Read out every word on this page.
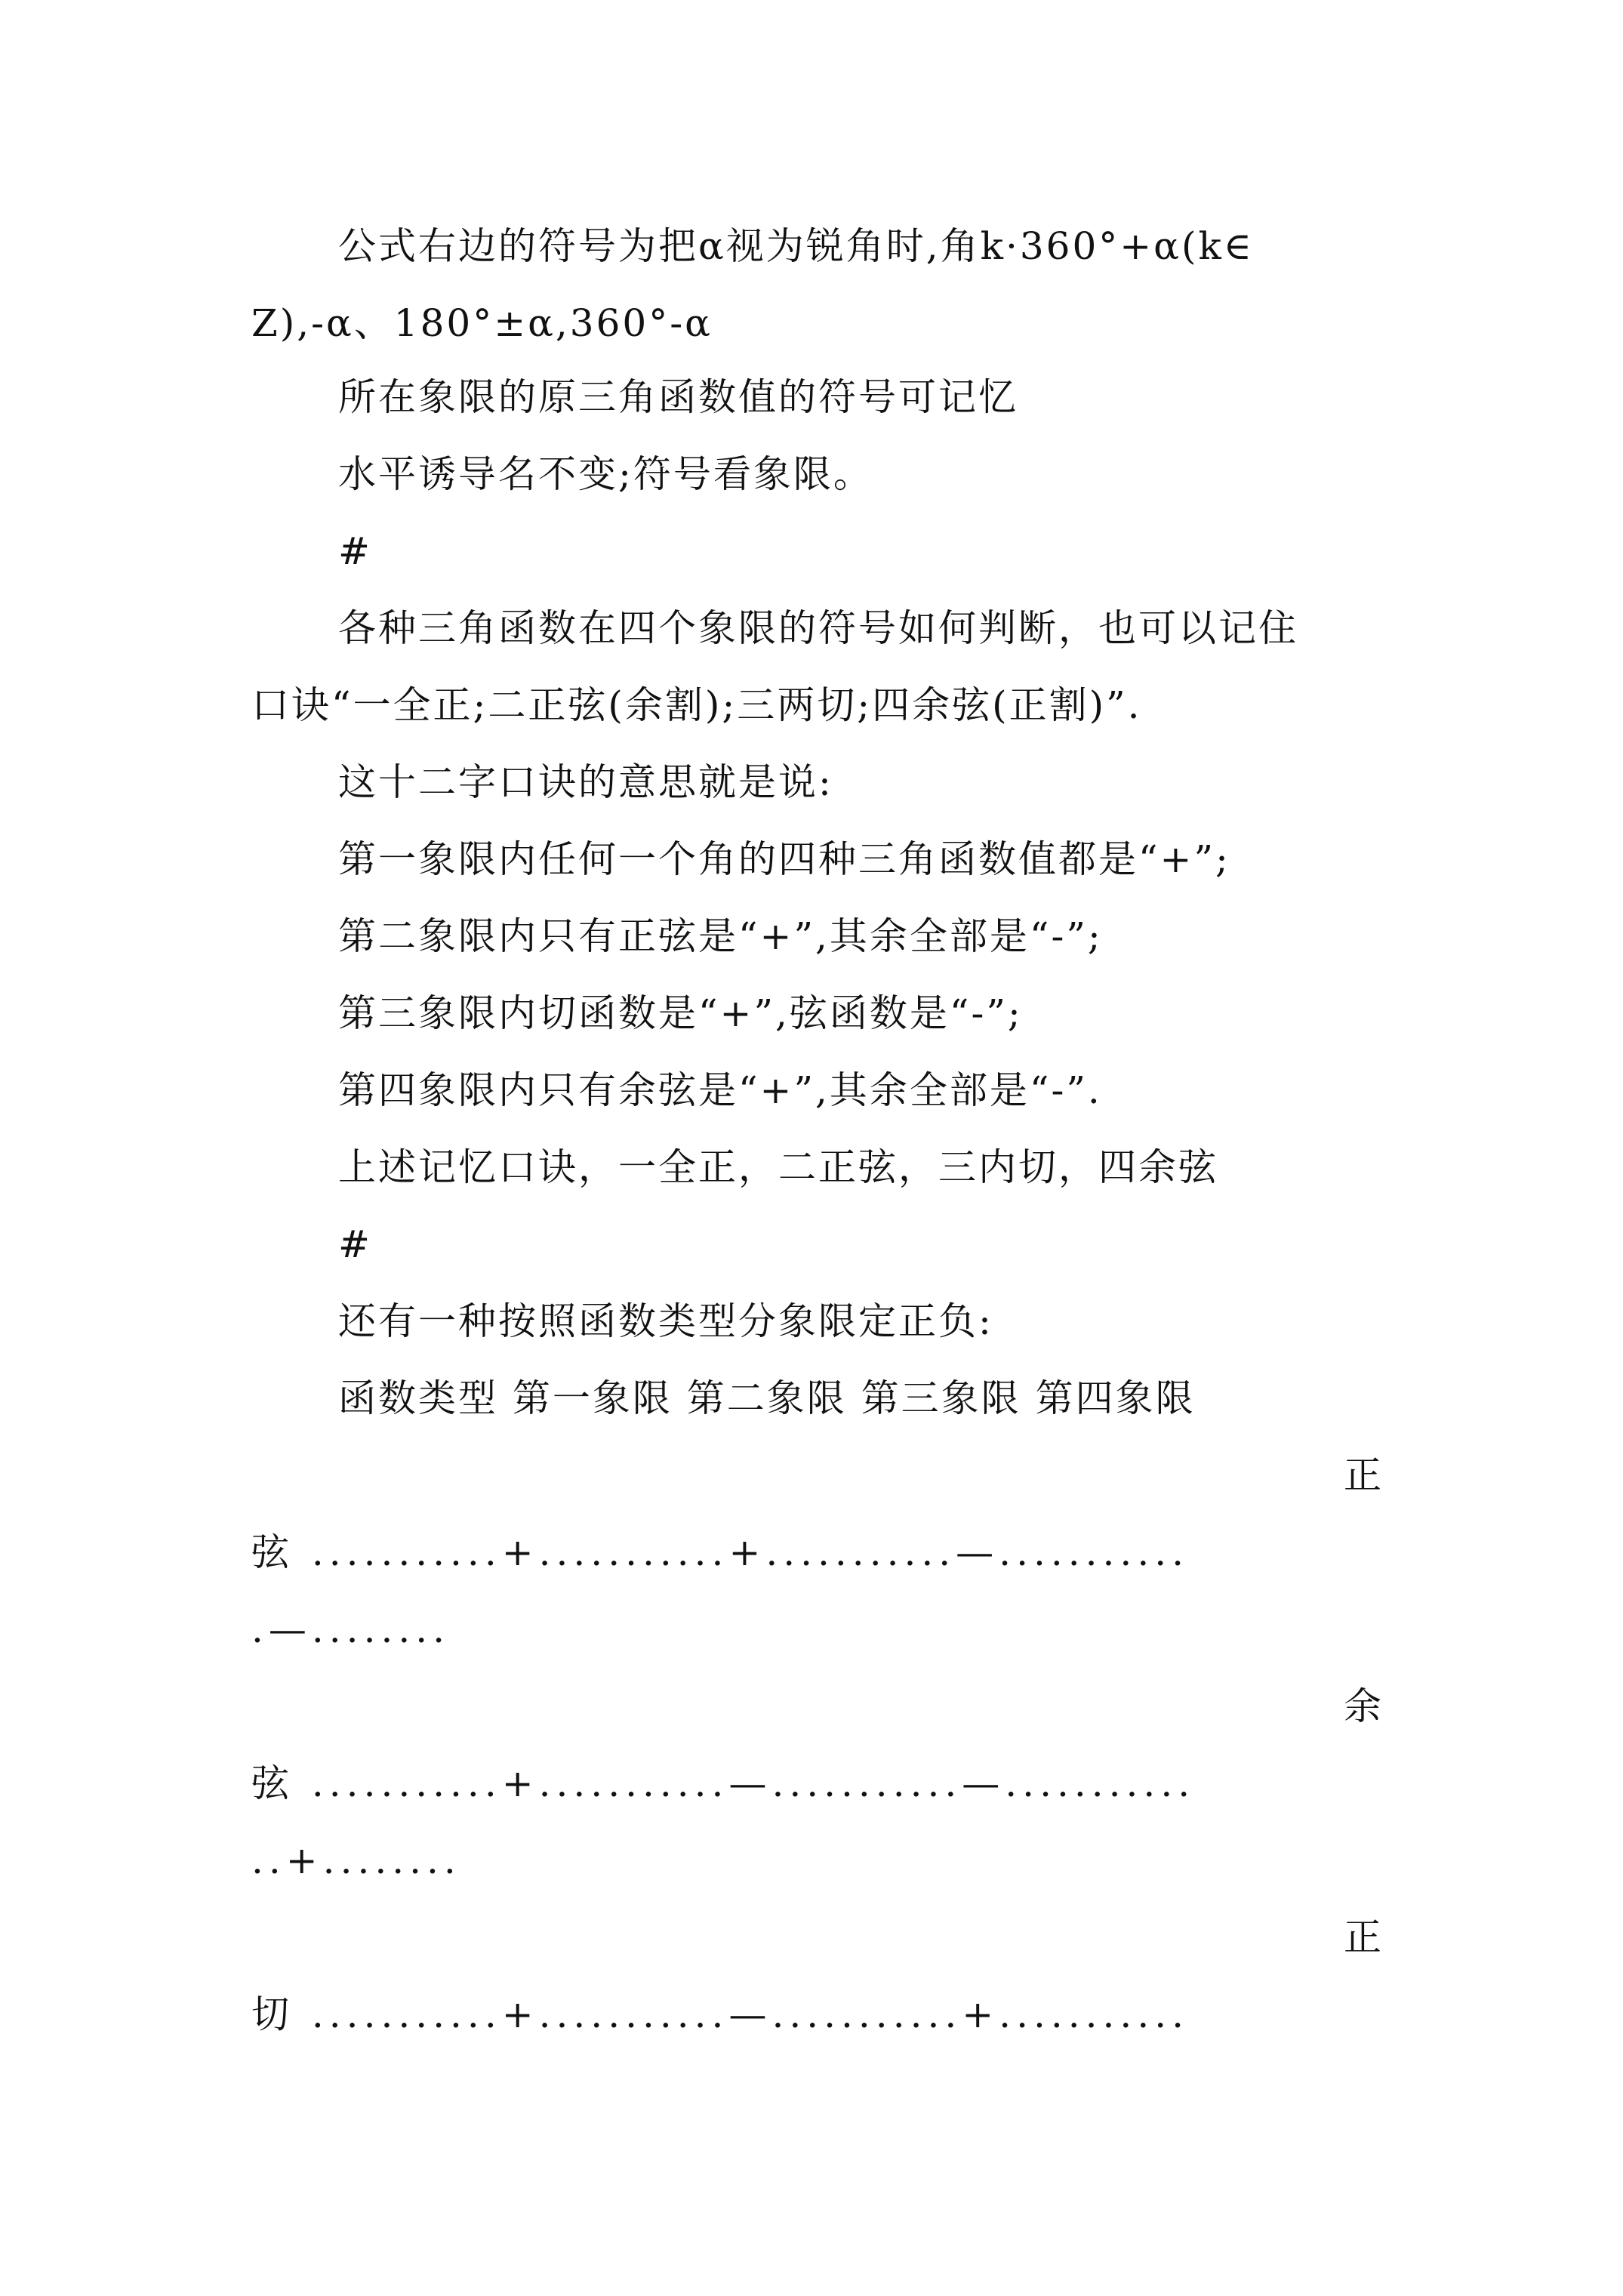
公式右边的符号为把α视为锐角时,角k·360°+α(k∈
Z),-α、180°±α,360°-α
所在象限的原三角函数值的符号可记忆
水平诱导名不变;符号看象限。
#
各种三角函数在四个象限的符号如何判断，也可以记住
口诀“一全正;二正弦(余割);三两切;四余弦(正割)”.
这十二字口诀的意思就是说:
第一象限内任何一个角的四种三角函数值都是“+”;
第二象限内只有正弦是“+”,其余全部是“-”;
第三象限内切函数是“+”,弦函数是“-”;
第四象限内只有余弦是“+”,其余全部是“-”.
上述记忆口诀，一全正，二正弦，三内切，四余弦
#
还有一种按照函数类型分象限定正负:
函数类型 第一象限 第二象限 第三象限 第四象限
正
弦 ...........+...........+...........—...........
.—........
余
弦 ...........+...........—...........—...........
..+........
正
切 ...........+...........—...........+...........
